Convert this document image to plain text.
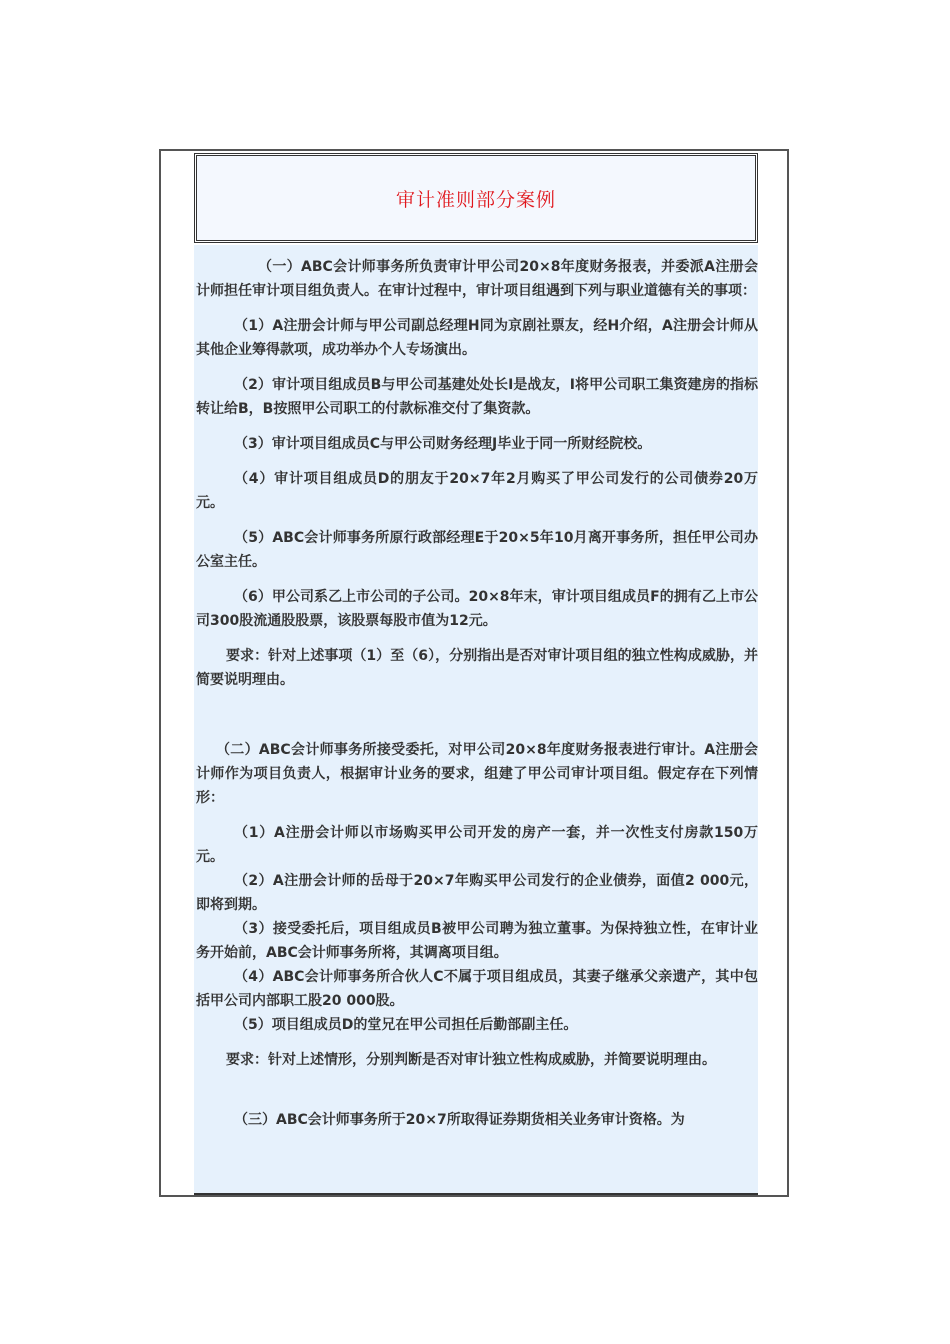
审计准则部分案例

（一）ABC会计师事务所负责审计甲公司20×8年度财务报表，并委派A注册会计师担任审计项目组负责人。在审计过程中，审计项目组遇到下列与职业道德有关的事项：

（1）A注册会计师与甲公司副总经理H同为京剧社票友，经H介绍，A注册会计师从其他企业筹得款项，成功举办个人专场演出。

（2）审计项目组成员B与甲公司基建处处长I是战友，I将甲公司职工集资建房的指标转让给B，B按照甲公司职工的付款标准交付了集资款。

（3）审计项目组成员C与甲公司财务经理J毕业于同一所财经院校。

（4）审计项目组成员D的朋友于20×7年2月购买了甲公司发行的公司债券20万元。

（5）ABC会计师事务所原行政部经理E于20×5年10月离开事务所，担任甲公司办公室主任。

（6）甲公司系乙上市公司的子公司。20×8年末，审计项目组成员F的拥有乙上市公司300股流通股股票，该股票每股市值为12元。

要求：针对上述事项（1）至（6），分别指出是否对审计项目组的独立性构成威胁，并简要说明理由。

（二）ABC会计师事务所接受委托，对甲公司20×8年度财务报表进行审计。A注册会计师作为项目负责人，根据审计业务的要求，组建了甲公司审计项目组。假定存在下列情形：

（1）A注册会计师以市场购买甲公司开发的房产一套，并一次性支付房款150万元。

（2）A注册会计师的岳母于20×7年购买甲公司发行的企业债券，面值2 000元，即将到期。

（3）接受委托后，项目组成员B被甲公司聘为独立董事。为保持独立性，在审计业务开始前，ABC会计师事务所将，其调离项目组。

（4）ABC会计师事务所合伙人C不属于项目组成员，其妻子继承父亲遗产，其中包括甲公司内部职工股20 000股。

（5）项目组成员D的堂兄在甲公司担任后勤部副主任。

要求：针对上述情形，分别判断是否对审计独立性构成威胁，并简要说明理由。

（三）ABC会计师事务所于20×7所取得证券期货相关业务审计资格。为
